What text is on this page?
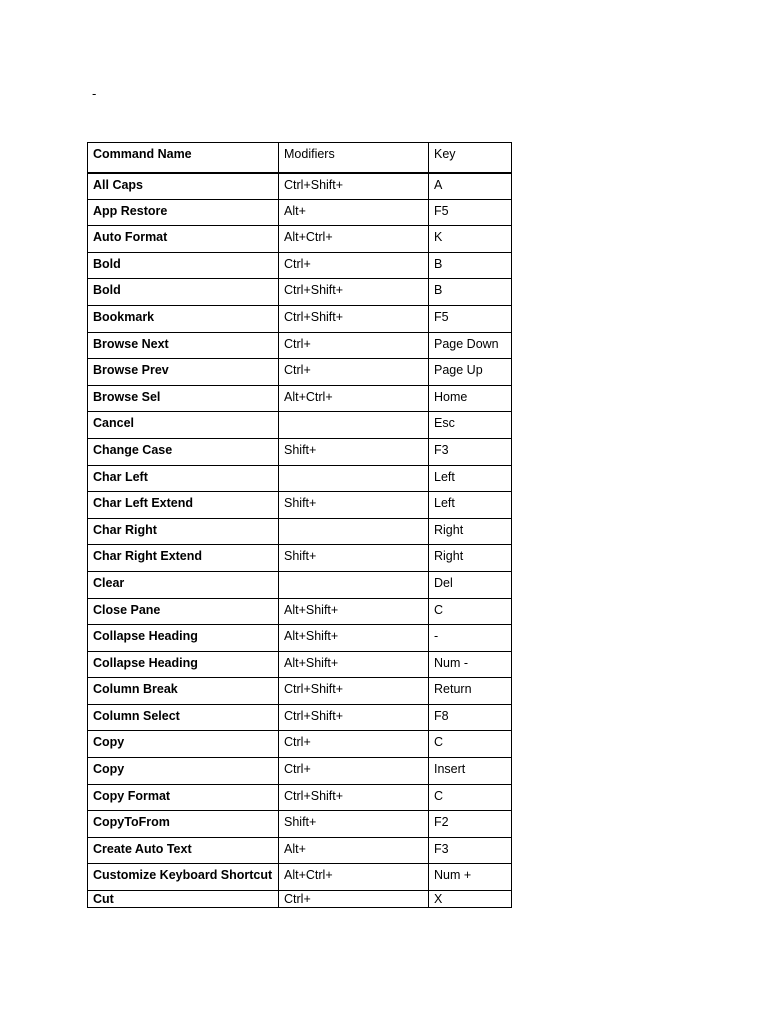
-
Command Name	Modifiers	Key
All Caps	Ctrl+Shift+	A
App Restore	Alt+	F5
Auto Format	Alt+Ctrl+	K
Bold	Ctrl+	B
Bold	Ctrl+Shift+	B
Bookmark	Ctrl+Shift+	F5
Browse Next	Ctrl+	Page Down
Browse Prev	Ctrl+	Page Up
Browse Sel	Alt+Ctrl+	Home
Cancel		Esc
Change Case	Shift+	F3
Char Left		Left
Char Left Extend	Shift+	Left
Char Right		Right
Char Right Extend	Shift+	Right
Clear		Del
Close Pane	Alt+Shift+	C
Collapse Heading	Alt+Shift+	-
Collapse Heading	Alt+Shift+	Num -
Column Break	Ctrl+Shift+	Return
Column Select	Ctrl+Shift+	F8
Copy	Ctrl+	C
Copy	Ctrl+	Insert
Copy Format	Ctrl+Shift+	C
CopyToFrom	Shift+	F2
Create Auto Text	Alt+	F3
Customize Keyboard Shortcut	Alt+Ctrl+	Num +
Cut	Ctrl+	X
